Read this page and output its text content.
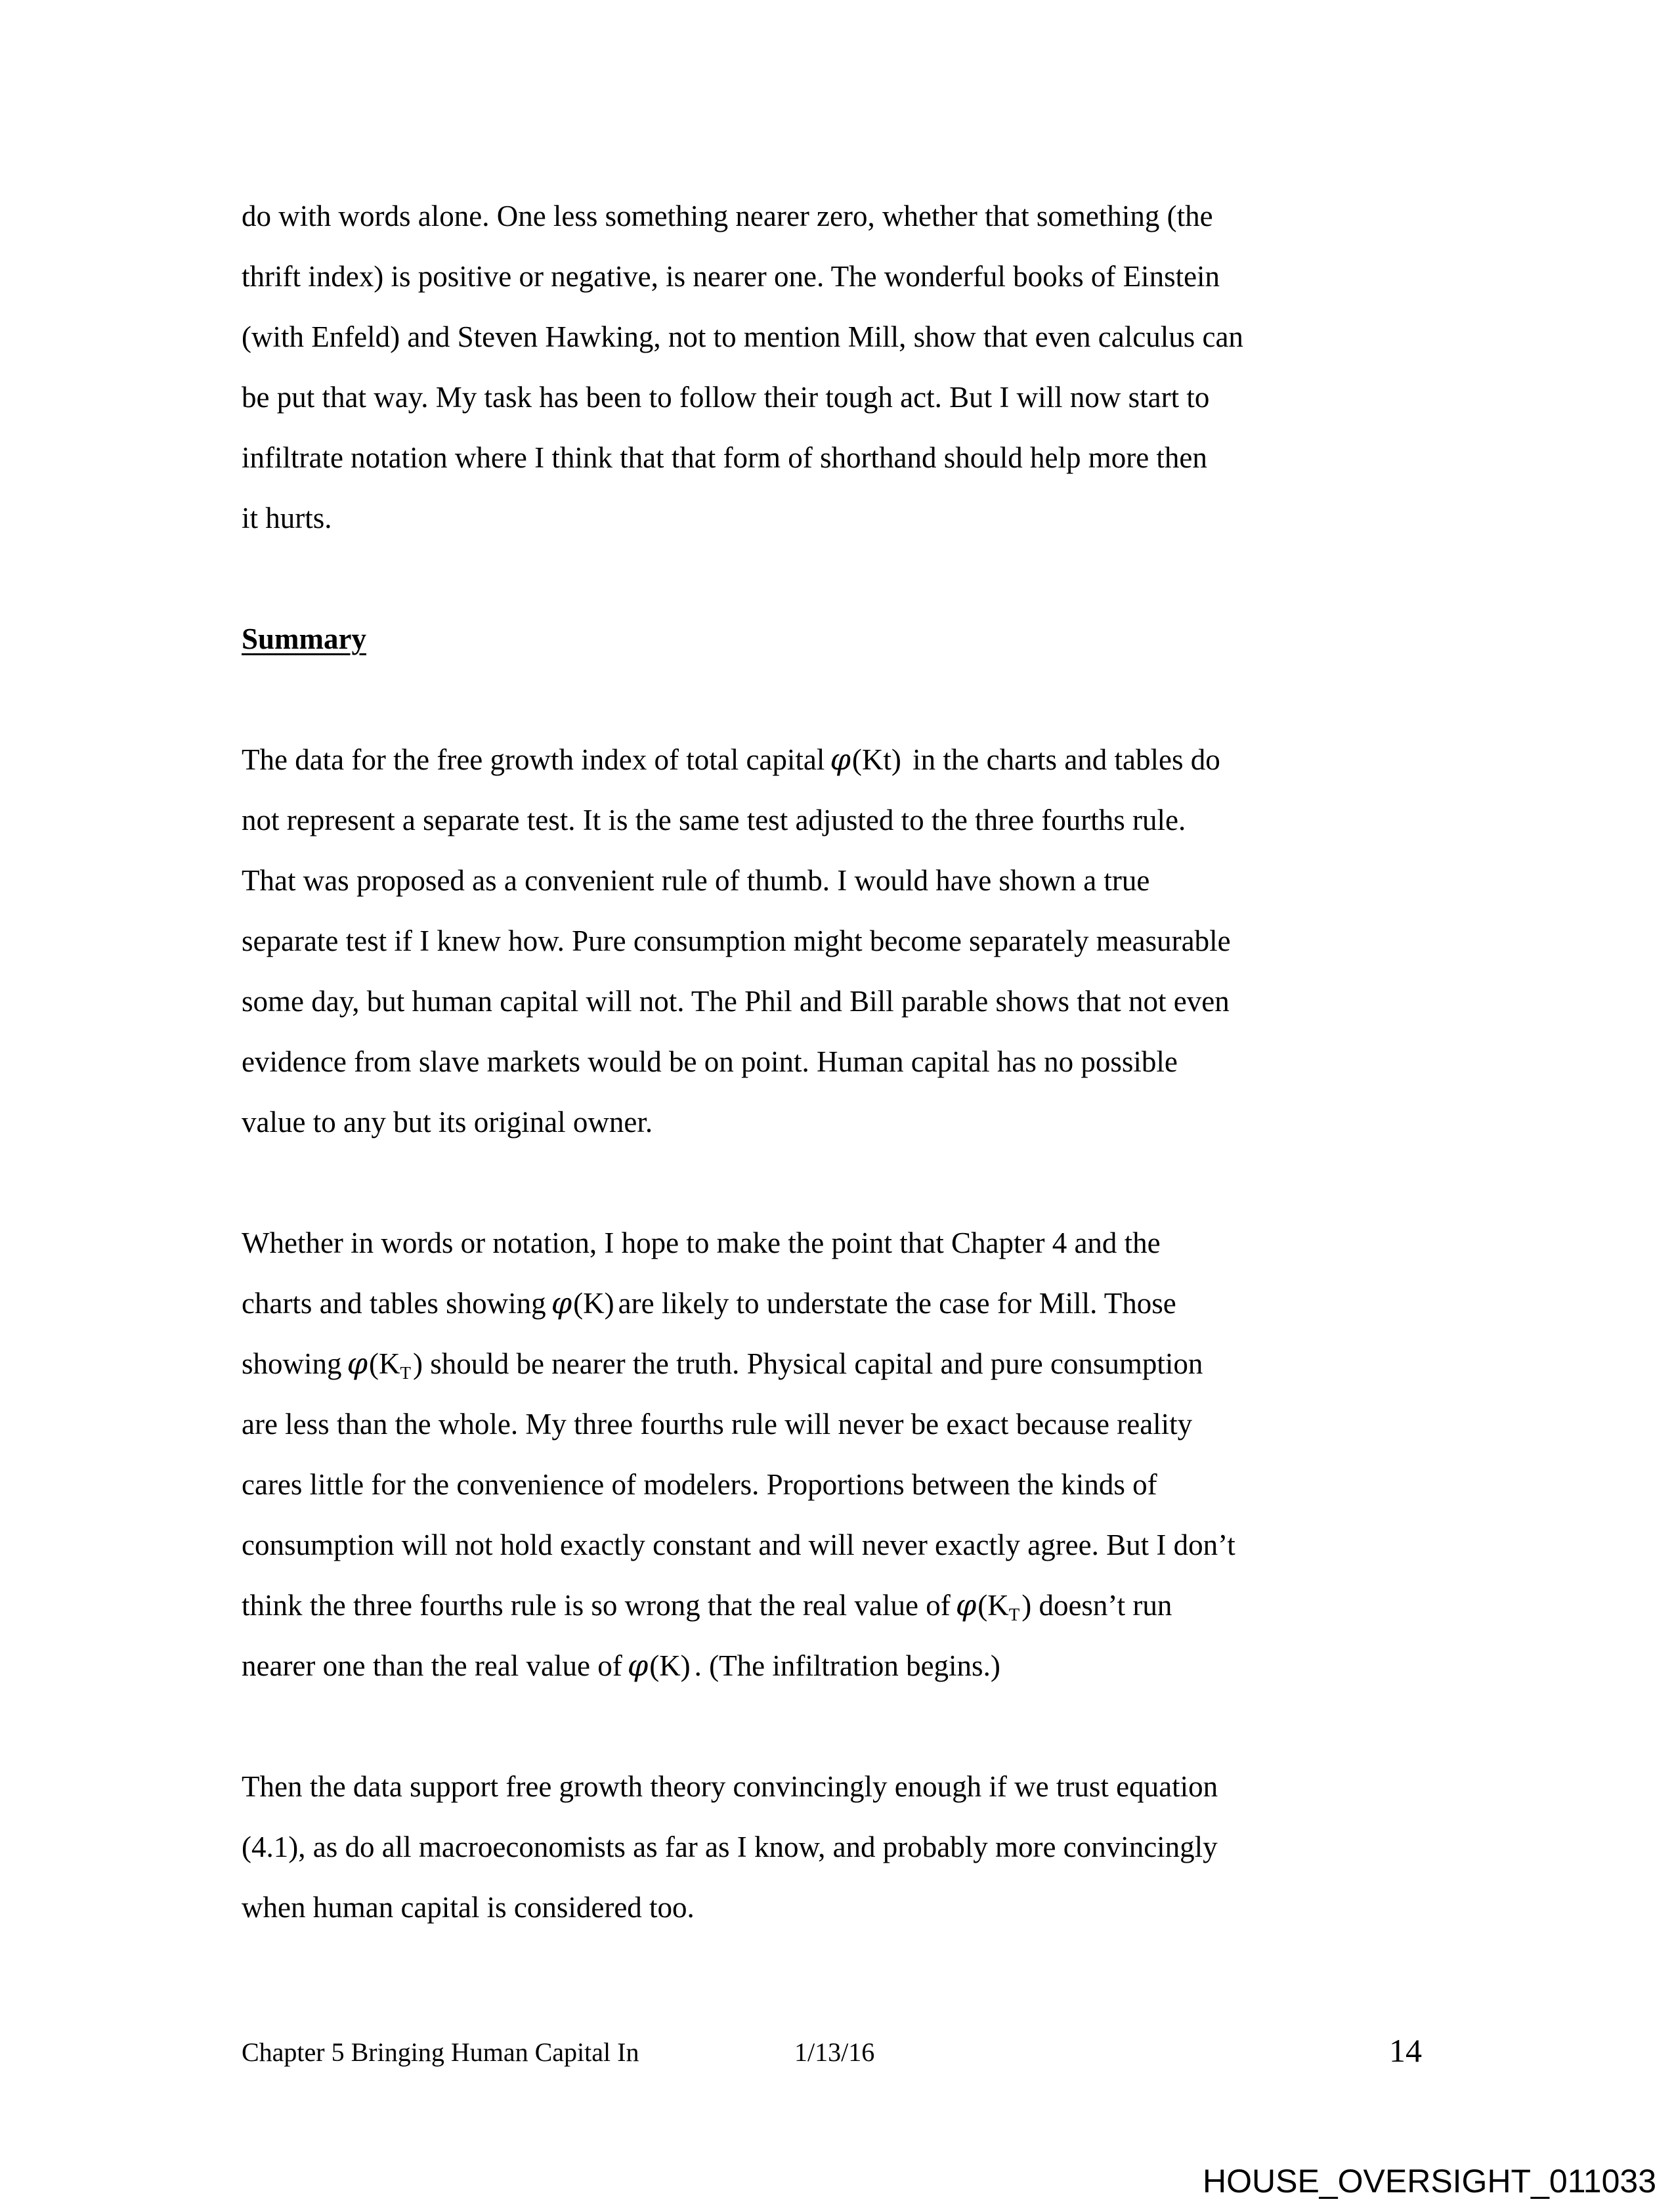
do with words alone. One less something nearer zero, whether that something (the
thrift index) is positive or negative, is nearer one. The wonderful books of Einstein
(with Enfeld) and Steven Hawking, not to mention Mill, show that even calculus can
be put that way. My task has been to follow their tough act. But I will now start to
infiltrate notation where I think that that form of shorthand should help more then
it hurts.
Summary
The data for the free growth index of total capital φ(Kt) in the charts and tables do
not represent a separate test. It is the same test adjusted to the three fourths rule.
That was proposed as a convenient rule of thumb. I would have shown a true
separate test if I knew how. Pure consumption might become separately measurable
some day, but human capital will not. The Phil and Bill parable shows that not even
evidence from slave markets would be on point. Human capital has no possible
value to any but its original owner.
Whether in words or notation, I hope to make the point that Chapter 4 and the
charts and tables showing φ(K) are likely to understate the case for Mill. Those
showing $\varphi(K_T)$ should be nearer the truth. Physical capital and pure consumption
are less than the whole. My three fourths rule will never be exact because reality
cares little for the convenience of modelers. Proportions between the kinds of
consumption will not hold exactly constant and will never exactly agree. But I don’t
think the three fourths rule is so wrong that the real value of $\varphi(K_T)$ doesn’t run
nearer one than the real value of φ(K) . (The infiltration begins.)
Then the data support free growth theory convincingly enough if we trust equation
(4.1), as do all macroeconomists as far as I know, and probably more convincingly
when human capital is considered too.
Chapter 5 Bringing Human Capital In	1/13/16	14
HOUSE_OVERSIGHT_011033
